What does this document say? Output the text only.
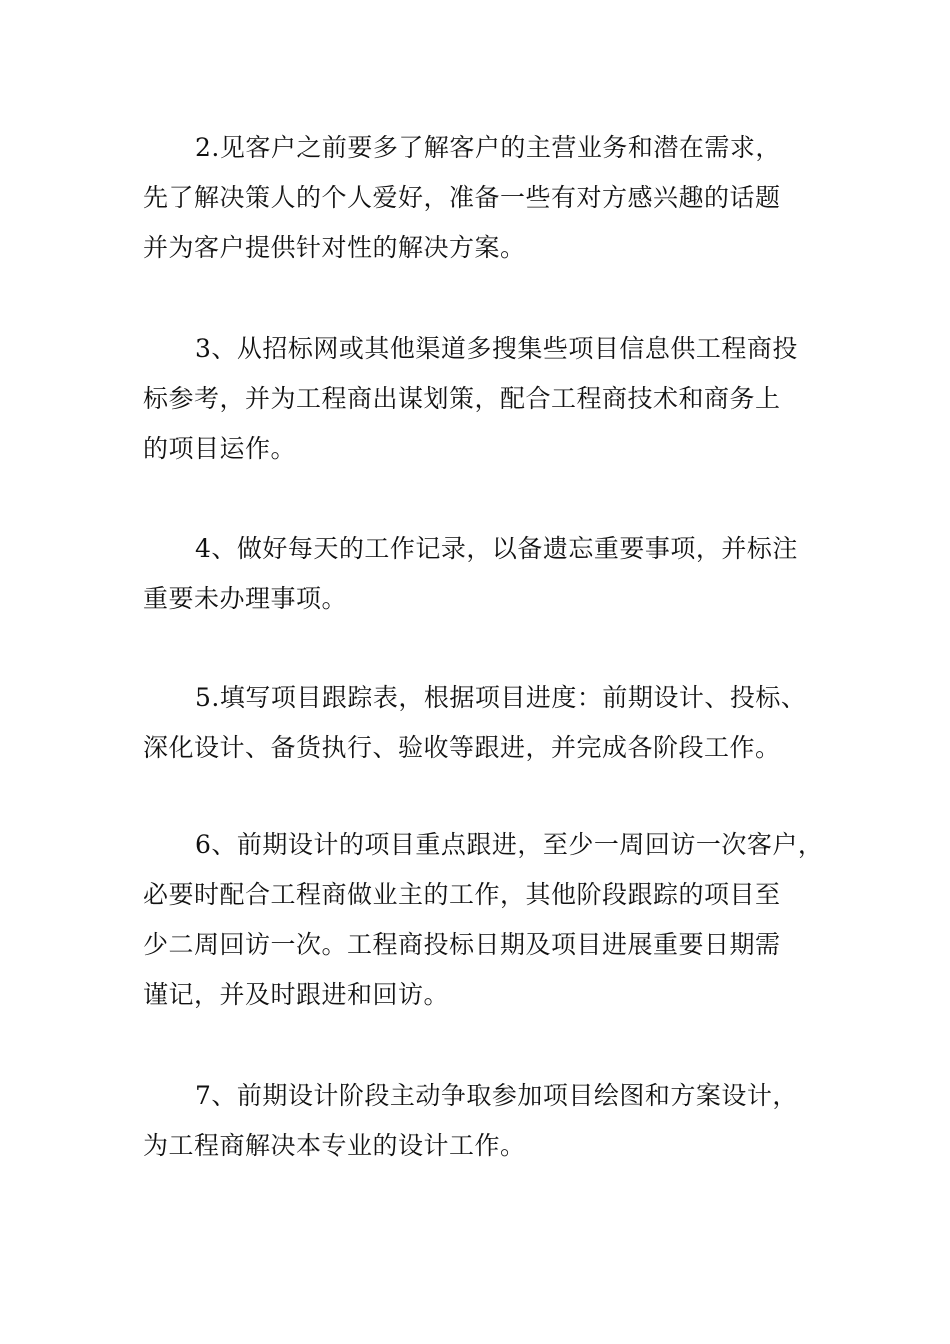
2.见客户之前要多了解客户的主营业务和潜在需求，
先了解决策人的个人爱好，准备一些有对方感兴趣的话题
并为客户提供针对性的解决方案。

3、从招标网或其他渠道多搜集些项目信息供工程商投
标参考，并为工程商出谋划策，配合工程商技术和商务上
的项目运作。

4、做好每天的工作记录，以备遗忘重要事项，并标注
重要未办理事项。

5.填写项目跟踪表，根据项目进度：前期设计、投标、
深化设计、备货执行、验收等跟进，并完成各阶段工作。

6、前期设计的项目重点跟进，至少一周回访一次客户，
必要时配合工程商做业主的工作，其他阶段跟踪的项目至
少二周回访一次。工程商投标日期及项目进展重要日期需
谨记，并及时跟进和回访。

7、前期设计阶段主动争取参加项目绘图和方案设计，
为工程商解决本专业的设计工作。
